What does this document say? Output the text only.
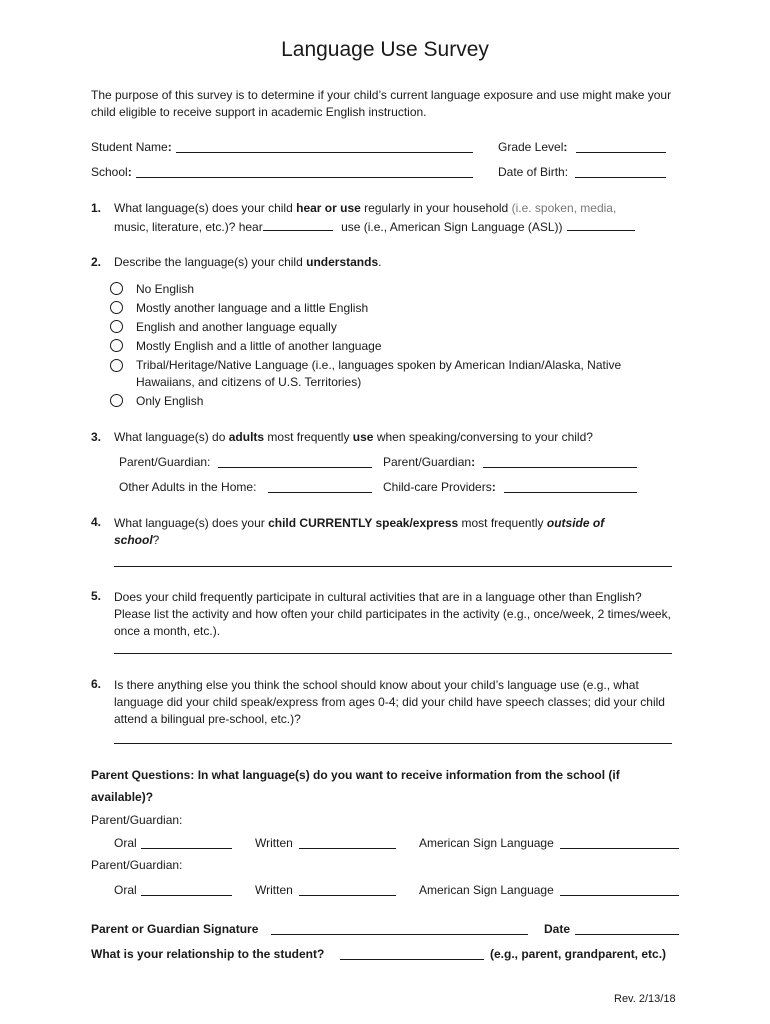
Language Use Survey
The purpose of this survey is to determine if your child’s current language exposure and use might make your child eligible to receive support in academic English instruction.
Student Name:	Grade Level:
School:	Date of Birth:
1. What language(s) does your child hear or use regularly in your household (i.e. spoken, media,
music, literature, etc.)? hear	use (i.e., American Sign Language (ASL))
2. Describe the language(s) your child understands.
No English
Mostly another language and a little English
English and another language equally
Mostly English and a little of another language
Tribal/Heritage/Native Language (i.e., languages spoken by American Indian/Alaska, Native Hawaiians, and citizens of U.S. Territories)
Only English
3. What language(s) do adults most frequently use when speaking/conversing to your child?
Parent/Guardian:	Parent/Guardian:
Other Adults in the Home:	Child-care Providers:
4. What language(s) does your child CURRENTLY speak/express most frequently outside of school?
5. Does your child frequently participate in cultural activities that are in a language other than English? Please list the activity and how often your child participates in the activity (e.g., once/week, 2 times/week, once a month, etc.).
6. Is there anything else you think the school should know about your child’s language use (e.g., what language did your child speak/express from ages 0-4; did your child have speech classes; did your child attend a bilingual pre-school, etc.)?
Parent Questions: In what language(s) do you want to receive information from the school (if available)?
Parent/Guardian:
Oral	Written	American Sign Language
Parent/Guardian:
Oral	Written	American Sign Language
Parent or Guardian Signature	Date
What is your relationship to the student?	(e.g., parent, grandparent, etc.)
Rev. 2/13/18
